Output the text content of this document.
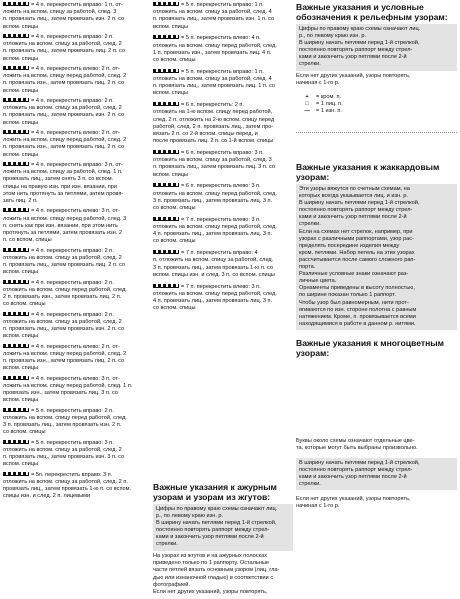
= 4 п. перекрестить вправо: 1 п. от-

ложить на вспом. спицу за работой, след. 3

п. провязать лиц., затем провязать изн. 2 п. со

вспом. спицы

= 4 п. перекрестить вправо: 2 п.

отложить на вспом. спицу за работой, след. 2

п. провязать лиц., затем провязать лиц. 2 п. со

вспом. спицы

= 4 п. перекрестить влево: 2 п. от-

ложить на вспом. спицу перед работой, след. 2

п. провязать изн., затем провязать лиц. 2 п. со

вспом. спицы

= 4 п. перекрестить вправо: 2 п.

отложить на вспом. спицу за работой, след. 2

п. провязать лиц., затем провязать изн. 2 п. со

вспом. спицы

= 4 п. перекрестить влево: 2 п. от-

ложить на вспом. спицу перед работой, след. 2

п. провязать изн., затем провязать лиц. 2 п. со

вспом. спицы

= 4 п. перекрестить вправо: 3 п. от-

ложить на вспом. спицу за работой, след. 1 п.

провязать лиц., затем снять 3 п. со вспом.

спицы на правую изн. при изн. вязании, при

этом нить протянуть за петлями, затем провя-

зать лиц. 2 п.

= 4 п. перекрестить влево: 3 п. от-

ложить на вспом. спицу перед работой, след. 3

п. снять как при изн. вязании, при этом нить

протянуть за петлями, затем провязать изн. 2

п. со вспом. спицы

= 4 п. перекрестить вправо: 2 п.

отложить на вспом. спицу за работой, след. 2

п. провязать лиц., затем провязать лиц. 2 п. со

вспом. спицы

= 4 п. перекрестить вправо: 2 п.

отложить на вспом. спицу перед работой, след.

2 п. провязать изн., затем провязать лиц. 2 п.

со вспом. спицы

= 4 п. перекрестить вправо: 2 п.

отложить на вспом. спицу за работой, след. 2

п. провязать лиц., затем провязать изн. 2 п. со

вспом. спицы

= 4 п. перекрестить влево: 2 п. от-

ложить на вспом. спицу перед работой, след. 2

п. провязать изн., затем провязать лиц. 2 п. со

вспом. спицы

= 4 п. перекрестить влево: 3 п. от-

ложить на вспом. спицу перед работой, след. 1 п.

провязать изн., затем провязать лиц. 3 п. со

вспом. спицы

= 5 п. перекрестить вправо: 2 п.

отложить на вспом. спицу перед работой, след.

3 п. провязать лиц., затем провязать изн. 2 п.

со вспом. спицы

= 5 п. перекрестить вправо: 3 п.

отложить на вспом. спицу за работой, след. 2

п. провязать лиц., затем провязать изн. 3 п. со

вспом. спицы

= 5п. перекрестить вправо: 3 п.

отложить на вспом. спицу за работой, след. 2 п.

провязать лиц., затем провязать 1-ю п. со вспом.

спицы изн. и след. 2 п. лицевыми

Важные указания к ажурным
узорам и узорам из жгутов:

Цифры по правому краю схемы означают лиц.

р., по левому краю изн. р.

В ширину начать петлями перед 1-й стрелкой,

постоянно повторять раппорт между стрел-

ками и закончить узор петлями после 2-й

стрелки.

На узорах из жгутов и на ажурных полосках

приведено только по 1 раппорту. Остальные

части петлей вязать основным узором (лиц. гла-

дью или изнаночной гладью) в соответствии с

фотографией.

Если нет других указаний, узоры повторять,

= 5 п. перекрестить вправо: 1 п.

отложить на вспом. спицу за работой, след. 4

п. провязать лиц., затем провязать изн. 1 п. со

вспом. спицы

= 5 п. перекрестить влево: 4 п.

отложить на вспом. спицу перед работой, след.

1 п. провязать изн., затем провязать лиц. 4 п.

со вспом. спицы

= 5 п. перекрестить вправо: 1 п.

отложить на вспом. спицу за работой, след. 4

п. провязать лиц., затем провязать лиц. 1 п. со

вспом. спицы

= 6 п. перекрестить: 2 п.

отложить на 1-ю вспом. спицу перед работой,

след. 2 п. отложить на 2-ю вспом. спицу перед

работой, след. 2 п. провязать лиц., затем про-

вязать 2 п. со 2-й вспом. спицы перед, и

после провязать лиц. 2 п. со 1-й вспом. спицы

= 6 п. перекрестить вправо: 3 п.

отложить на вспом. спицу за работой, след. 3

п. провязать лиц., затем провязать лиц. 3 п. со

вспом. спицы

= 6 п. перекрестить влево: 3 п.

отложить на вспом. спицу перед работой, след.

3 п. провязать лиц., затем провязать лиц. 3 п.

со вспом. спицы

= 7 п. перекрестить влево: 3 п.

отложить на вспом. спицу перед работой, след.

4 п. провязать лиц., затем провязать лиц. 3 п.

со вспом. спицы

= 7 п. перекрестить вправо: 4

п. отложить на вспом. спицу за работой, след.

3 п. провязать лиц., затем провязать 1-ю п. со

вспом. спицы изн. и след. 3 п. со вспом. спицы

= 7 п. перекрестить влево: 3 п.

отложить на вспом. спицу перед работой, след.

4 п. провязать лиц., затем провязать лиц. 3 п.

со вспом. спицы

Важные указания и условные
обозначения к рельефным узорам:

Цифры по правому краю схемы означают лиц.

р., по левому краю изн. р.

В ширину начать петлями перед 1-й стрелкой,

постоянно повторять раппорт между стрел-

ками и закончить узор петлями после 2-й

стрелки.

Если нет других указаний, узоры повторять,

начиная с 1-го р.

+ = кром. п.
□ = 1 лиц. п.
— = 1 изн. п.
Важные указания к жаккардовым
узорам:

Эти узоры вяжутся по счетным схемам, на

которых всегда указывается лиц. и изн. р.

В ширину начать петлями перед 1-й стрелкой,

постоянно повторять раппорт между стрел-

ками и закончить узор петлями после 2-й

стрелки.

Если на схемах нет стрелок, например, при

узорах с различными раппортами, узор рас-

пределять посередине изделия между

кром. петлями. Набор петель на этих узорах

рассчитывается после самого сложного рап-

порта.

Различные условные знаки означают раз-

личные цвета.

Орнаменты приведены в высоту полностью,

по ширине показан только 1 раппорт.

Чтобы узор был равномерным, нити прот-

ягиваются по изн. стороне полотна с равным

натяжением. Кроме, п. провязывается всеми

находящимися в работе в данном р. нитями.

Важные указания к многоцветным
узорам:

Буквы около схемы означают отдельные цве-

та, которые могут быть выбраны произвольно.

В ширину начать петлями перед 1-й стрелкой,

постоянно повторять раппорт между стрел-

ками и закончить узор петлями после 2-й

стрелки.

Если нет других указаний, узоры повторять,

начиная с 1-го р.
